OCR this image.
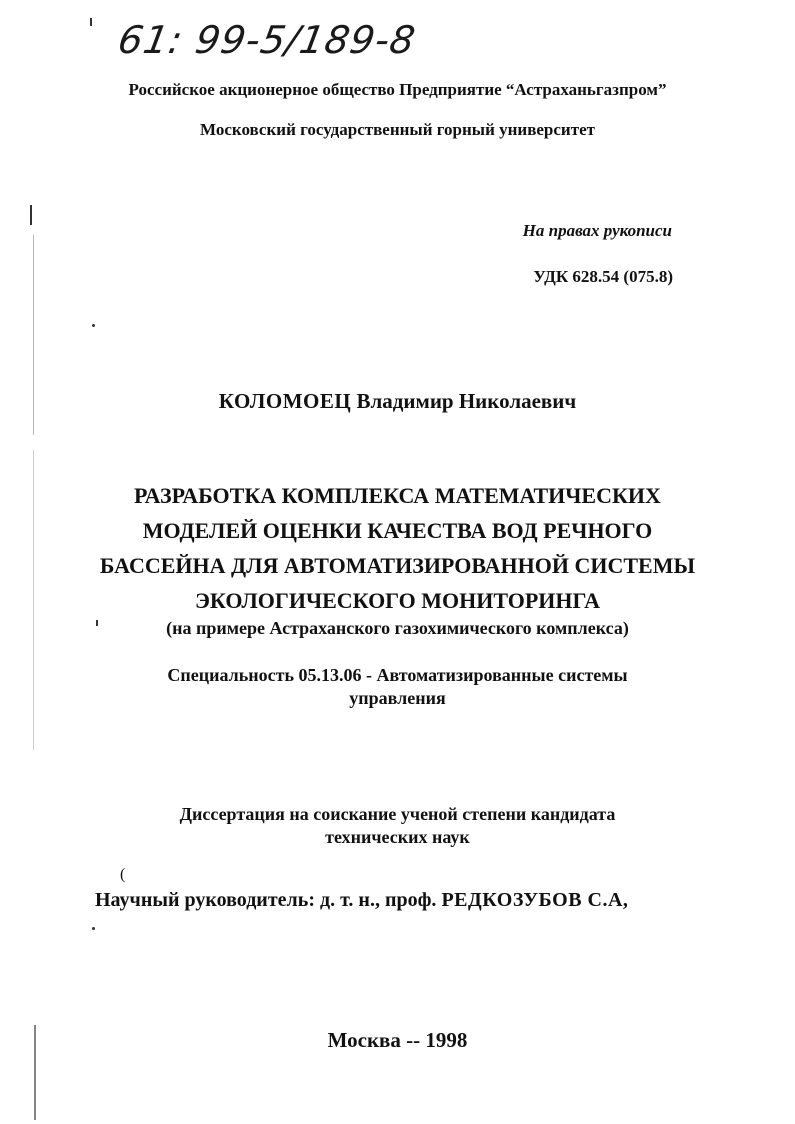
61: 99-5/189-8
Российское акционерное общество Предприятие “Астраханьгазпром”
Московский государственный горный университет
На правах рукописи
УДК 628.54 (075.8)
КОЛОМОЕЦ Владимир Николаевич
РАЗРАБОТКА КОМПЛЕКСА МАТЕМАТИЧЕСКИХ
МОДЕЛЕЙ ОЦЕНКИ КАЧЕСТВА ВОД РЕЧНОГО
БАССЕЙНА ДЛЯ АВТОМАТИЗИРОВАННОЙ СИСТЕМЫ
ЭКОЛОГИЧЕСКОГО МОНИТОРИНГА
(на примере Астраханского газохимического комплекса)
Специальность 05.13.06 - Автоматизированные системы
управления
Диссертация на соискание ученой степени кандидата
технических наук
(
Научный руководитель: д. т. н., проф. РЕДКОЗУБОВ С.А,
Москва -- 1998
